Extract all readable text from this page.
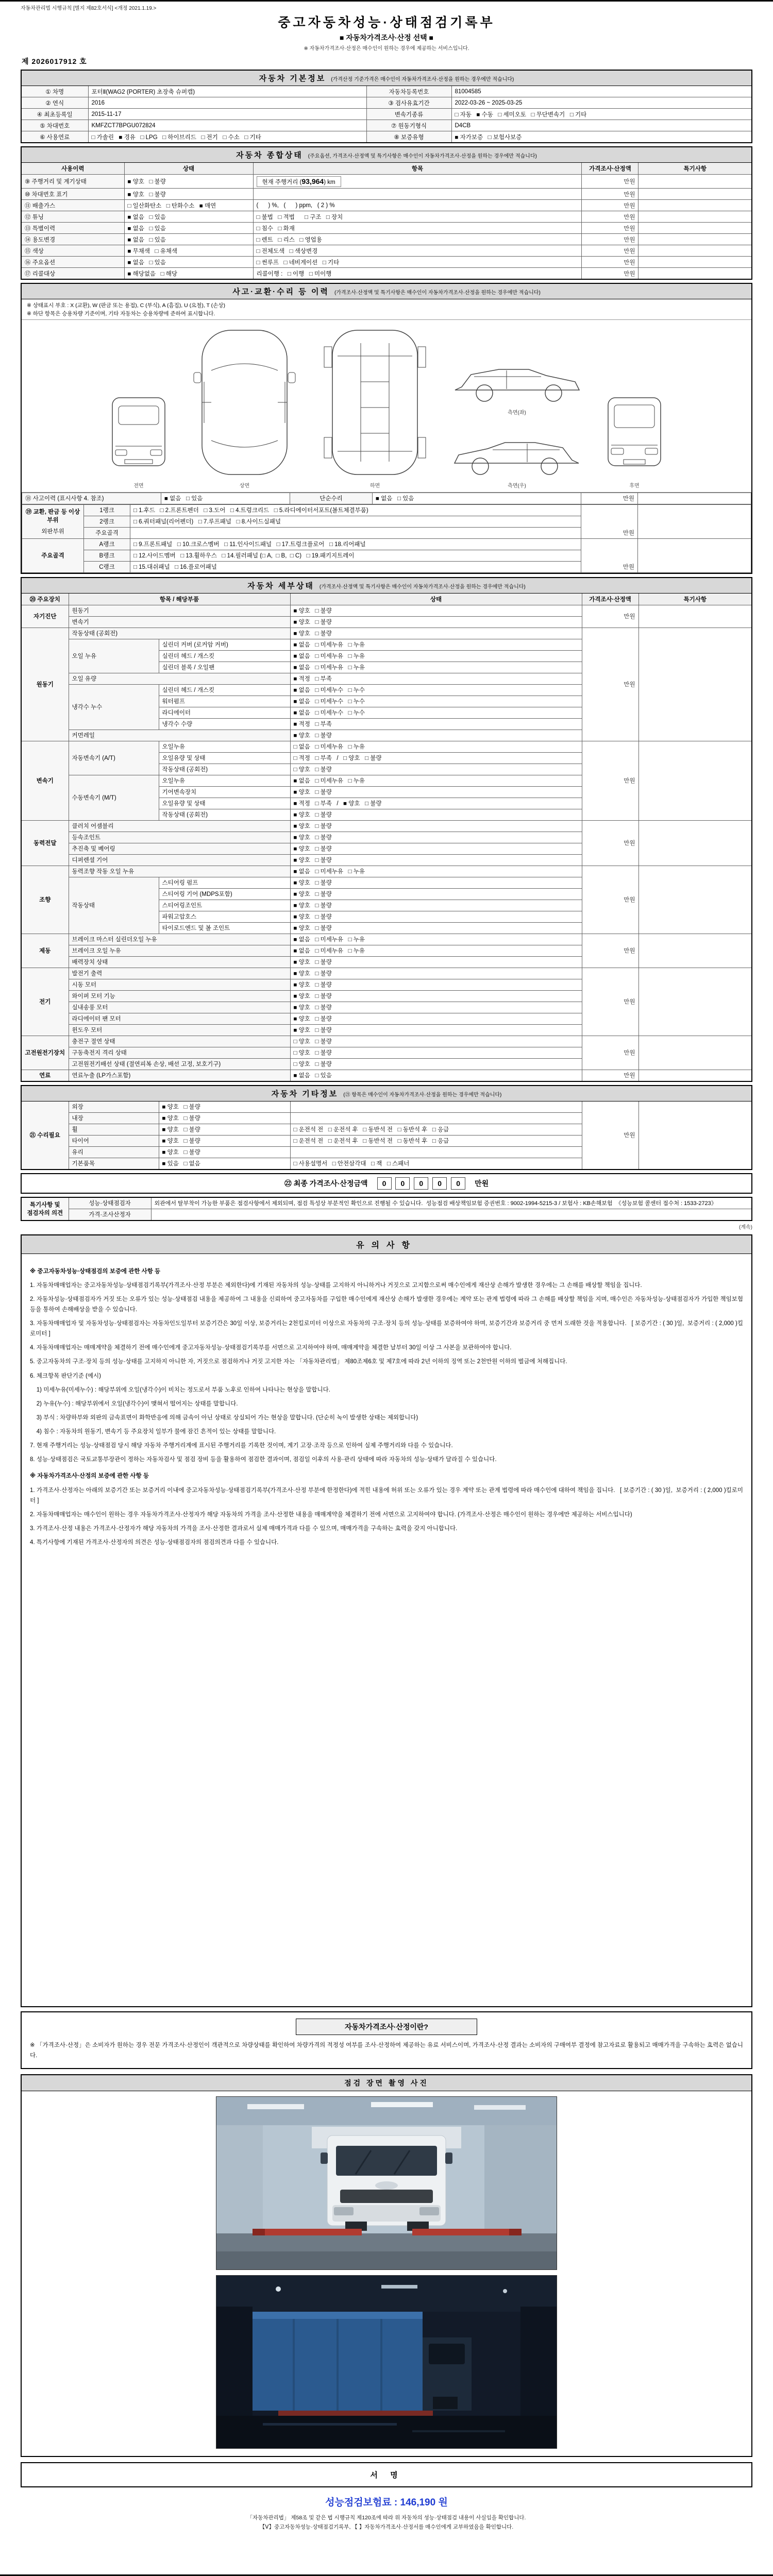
자동차관리법 시행규칙 [별지 제82호서식] <개정 2021.1.19.>
중고자동차성능·상태점검기록부
■ 자동차가격조사·산정 선택 ■
※ 자동차가격조사·산정은 매수인이 원하는 경우에 제공하는 서비스입니다.
제 2026017912 호
자동차 기본정보 (가격산정 기준가격은 매수인이 자동차가격조사·산정을 원하는 경우에만 적습니다)			
① 차명	포터Ⅱ(WAG2 (PORTER) 초장축 슈퍼캡)	자동차등록번호	81004585
② 연식	2016	③ 검사유효기간	2022-03-26 ~ 2025-03-25
④ 최초등록일	2015-11-17	변속기종류	□ 자동   ■ 수동   □ 세미오토   □ 무단변속기   □ 기타
⑤ 차대번호	KMFZCT7BPGU072824	⑦ 원동기형식	D4CB
⑥ 사용연료	□ 가솔린   ■ 경유   □ LPG   □ 하이브리드   □ 전기   □ 수소   □ 기타	⑧ 보증유형	■ 자가보증   □ 보험사보증
자동차 종합상태 (주요옵션, 가격조사·산정액 및 특기사항은 매수인이 자동차가격조사·산정을 원하는 경우에만 적습니다)				
사용이력	상태	항목	가격조사·산정액	특기사항
⑨ 주행거리 및 계기상태	■ 양호   □ 불량	현재 주행거리 (93,964) km	만원	
⑩ 차대번호 표기	■ 양호   □ 불량		만원	
⑪ 배출가스	□ 일산화탄소   □ 탄화수소   ■ 매연	(      ) %,   (      ) ppm,   ( 2 ) %	만원	
⑫ 튜닝	■ 없음   □ 있음	□ 불법   □ 적법      □ 구조   □ 장치	만원	
⑬ 특별이력	■ 없음   □ 있음	□ 침수   □ 화재	만원	
⑭ 용도변경	■ 없음   □ 있음	□ 렌트   □ 리스   □ 영업용	만원	
⑮ 색상	■ 무채색   □ 유채색	□ 전체도색   □ 색상변경	만원	
⑯ 주요옵션	■ 없음   □ 있음	□ 썬루프   □ 네비게이션   □ 기타	만원	
⑰ 리콜대상	■ 해당없음   □ 해당	리콜이행 :   □ 이행   □ 미이행	만원	
사고·교환·수리 등 이력 (가격조사·산정액 및 특기사항은 매수인이 자동차가격조사·산정을 원하는 경우에만 적습니다)
※ 상태표시 부호 : X (교환), W (판금 또는 용접), C (부식), A (흠집), U (요철), T (손상)
※ 하단 항목은 승용차량 기준이며, 기타 자동차는 승용차량에 준하여 표시합니다.
전면	상면	하면
측면(좌)
측면(우)	후면
⑱ 사고이력 (표시사항 4. 참조)	■ 없음   □ 있음	단순수리	■ 없음   □ 있음	만원	
⑲ 교환, 판금 등 이상 부위
외판부위	1랭크	□ 1.후드   □ 2.프론트펜더   □ 3.도어   □ 4.트렁크리드   □ 5.라디에이터서포트(볼트체결부품)	만원	
	2랭크	□ 6.쿼터패널(리어펜더)   □ 7.루프패널   □ 8.사이드실패널		
	주요골격			
주요골격	A랭크	□ 9.프론트패널   □ 10.크로스멤버   □ 11.인사이드패널   □ 17.트렁크플로어   □ 18.리어패널	만원	
	B랭크	□ 12.사이드멤버   □ 13.휠하우스   □ 14.필러패널 (□ A,  □ B,  □ C)   □ 19.패키지트레이		
	C랭크	□ 15.대쉬패널   □ 16.플로어패널		
자동차 세부상태 (가격조사·산정액 및 특기사항은 매수인이 자동차가격조사·산정을 원하는 경우에만 적습니다)					
⑳ 주요장치	항목 / 해당부품		상태	가격조사·산정액	특기사항
자기진단	원동기		■ 양호   □ 불량	만원	
	변속기		■ 양호   □ 불량		
원동기	작동상태 (공회전)		■ 양호   □ 불량	만원	
	오일 누유	실린더 커버 (로커암 커버)	■ 없음   □ 미세누유   □ 누유		
		실린더 헤드 / 개스킷	■ 없음   □ 미세누유   □ 누유		
		실린더 블록 / 오일팬	■ 없음   □ 미세누유   □ 누유		
	오일 유량		■ 적정   □ 부족		
	냉각수 누수	실린더 헤드 / 개스킷	■ 없음   □ 미세누수   □ 누수		
		워터펌프	■ 없음   □ 미세누수   □ 누수		
		라디에이터	■ 없음   □ 미세누수   □ 누수		
		냉각수 수량	■ 적정   □ 부족		
	커먼레일		■ 양호   □ 불량		
변속기	자동변속기 (A/T)	오일누유	□ 없음   □ 미세누유   □ 누유	만원	
		오일유량 및 상태	□ 적정   □ 부족   /   □ 양호   □ 불량		
		작동상태 (공회전)	□ 양호   □ 불량		
	수동변속기 (M/T)	오일누유	■ 없음   □ 미세누유   □ 누유		
		기어변속장치	■ 양호   □ 불량		
		오일유량 및 상태	■ 적정   □ 부족   /   ■ 양호   □ 불량		
		작동상태 (공회전)	■ 양호   □ 불량		
동력전달	클러치 어셈블리		■ 양호   □ 불량	만원	
	등속조인트		■ 양호   □ 불량		
	추진축 및 베어링		■ 양호   □ 불량		
	디퍼렌셜 기어		■ 양호   □ 불량		
조향	동력조향 작동 오일 누유		■ 없음   □ 미세누유   □ 누유	만원	
	작동상태	스티어링 펌프	■ 양호   □ 불량		
		스티어링 기어 (MDPS포함)	■ 양호   □ 불량		
		스티어링조인트	■ 양호   □ 불량		
		파워고압호스	■ 양호   □ 불량		
		타이로드엔드 및 볼 조인트	■ 양호   □ 불량		
제동	브레이크 마스터 실린더오일 누유		■ 없음   □ 미세누유   □ 누유	만원	
	브레이크 오일 누유		■ 없음   □ 미세누유   □ 누유		
	배력장치 상태		■ 양호   □ 불량		
전기	발전기 출력		■ 양호   □ 불량	만원	
	시동 모터		■ 양호   □ 불량		
	와이퍼 모터 기능		■ 양호   □ 불량		
	실내송풍 모터		■ 양호   □ 불량		
	라디에이터 팬 모터		■ 양호   □ 불량		
	윈도우 모터		■ 양호   □ 불량		
고전원전기장치	충전구 절연 상태		□ 양호   □ 불량	만원	
	구동축전지 격리 상태		□ 양호   □ 불량		
	고전원전기배선 상태 (절연피복 손상, 배선 고정, 보호기구)		□ 양호   □ 불량		
연료	연료누출 (LP가스포함)		■ 없음   □ 있음	만원	
자동차 기타정보 (㉑ 항목은 매수인이 자동차가격조사·산정을 원하는 경우에만 적습니다)					
㉑ 수리필요	외장	■ 양호   □ 불량		만원	
	내장	■ 양호   □ 불량			
	휠	■ 양호   □ 불량	□ 운전석 전   □ 운전석 후   □ 동반석 전   □ 동반석 후   □ 응급		
	타이어	■ 양호   □ 불량	□ 운전석 전   □ 운전석 후   □ 동반석 전   □ 동반석 후   □ 응급		
	유리	■ 양호   □ 불량			
	기본품목	■ 있음   □ 없음	□ 사용설명서   □ 안전삼각대   □ 잭   □ 스패너		
㉒ 최종 가격조사·산정금액	0 0 0 0 0	만원
특기사항 및 점검자의 의견	성능·상태점검자	외관에서 탈부착이 가능한 부품은 점검사항에서 제외되며, 점검 특성상 부분적인 확인으로 진행될 수 있습니다.  성능점검 배상책임보험 증권번호 : 9002-1994-5215-3 / 보험사 : KB손해보험  《성능보험 콜센터 접수처 : 1533-2723》
	가격·조사산정자	
(계속)
유의사항
※ 중고자동차성능·상태점검의 보증에 관한 사항 등

1. 자동차매매업자는 중고자동차성능·상태점검기록부(가격조사·산정 부분은 제외한다)에 기재된 자동차의 성능·상태를 고지하지 아니하거나 거짓으로 고지함으로써 매수인에게 재산상 손해가 발생한 경우에는 그 손해를 배상할 책임을 집니다.

2. 자동차성능·상태점검자가 거짓 또는 오류가 있는 성능·상태점검 내용을 제공하여 그 내용을 신뢰하여 중고자동차를 구입한 매수인에게 재산상 손해가 발생한 경우에는 계약 또는 관계 법령에 따라 그 손해를 배상할 책임을 지며, 매수인은 자동차성능·상태점검자가 가입한 책임보험 등을 통하여 손해배상을 받을 수 있습니다.

3. 자동차매매업자 및 자동차성능·상태점검자는 자동차인도일부터 보증기간은 30일 이상, 보증거리는 2천킬로미터 이상으로 자동차의 구조·장치 등의 성능·상태를 보증하여야 하며, 보증기간과 보증거리 중 먼저 도래한 것을 적용합니다.   [ 보증기간 : ( 30 )일,  보증거리 : ( 2,000 )킬로미터 ]

4. 자동차매매업자는 매매계약을 체결하기 전에 매수인에게 중고자동차성능·상태점검기록부를 서면으로 고지하여야 하며, 매매계약을 체결한 날부터 30일 이상 그 사본을 보관하여야 합니다.

5. 중고자동차의 구조·장치 등의 성능·상태를 고지하지 아니한 자, 거짓으로 점검하거나 거짓 고지한 자는 「자동차관리법」 제80조제6호 및 제7호에 따라 2년 이하의 징역 또는 2천만원 이하의 벌금에 처해집니다.

6. 체크항목 판단기준 (예시)

1) 미세누유(미세누수) : 해당부위에 오일(냉각수)이 비치는 정도로서 부품 노후로 인하여 나타나는 현상을 말합니다.

2) 누유(누수) : 해당부위에서 오일(냉각수)이 맺혀서 떨어지는 상태를 말합니다.

3) 부식 : 차량하부와 외판의 금속표면이 화학반응에 의해 금속이 아닌 상태로 상실되어 가는 현상을 말합니다. (단순히 녹이 발생한 상태는 제외합니다)

4) 침수 : 자동차의 원동기, 변속기 등 주요장치 일부가 물에 잠긴 흔적이 있는 상태를 말합니다.

7. 현재 주행거리는 성능·상태점검 당시 해당 자동차 주행거리계에 표시된 주행거리를 기록한 것이며, 계기 고장·조작 등으로 인하여 실제 주행거리와 다를 수 있습니다.

8. 성능·상태점검은 국토교통부장관이 정하는 자동차검사 및 점검 장비 등을 활용하여 점검한 결과이며, 점검일 이후의 사용·관리 상태에 따라 자동차의 성능·상태가 달라질 수 있습니다.

※ 자동차가격조사·산정의 보증에 관한 사항 등

1. 가격조사·산정자는 아래의 보증기간 또는 보증거리 이내에 중고자동차성능·상태점검기록부(가격조사·산정 부분에 한정한다)에 적힌 내용에 허위 또는 오류가 있는 경우 계약 또는 관계 법령에 따라 매수인에 대하여 책임을 집니다.   [ 보증기간 : ( 30 )일,  보증거리 : ( 2,000 )킬로미터 ]

2. 자동차매매업자는 매수인이 원하는 경우 자동차가격조사·산정자가 해당 자동차의 가격을 조사·산정한 내용을 매매계약을 체결하기 전에 서면으로 고지하여야 합니다. (가격조사·산정은 매수인이 원하는 경우에만 제공하는 서비스입니다)

3. 가격조사·산정 내용은 가격조사·산정자가 해당 자동차의 가격을 조사·산정한 결과로서 실제 매매가격과 다를 수 있으며, 매매가격을 구속하는 효력을 갖지 아니합니다.

4. 특기사항에 기재된 가격조사·산정자의 의견은 성능·상태점검자의 점검의견과 다를 수 있습니다.

자동차가격조사·산정이란?
※ 「가격조사·산정」은 소비자가 원하는 경우 전문 가격조사·산정인이 객관적으로 차량상태를 확인하여 차량가격의 적정성 여부를 조사·산정하여 제공하는 유료 서비스이며, 가격조사·산정 결과는 소비자의 구매여부 결정에 참고자료로 활용되고 매매가격을 구속하는 효력은 없습니다.
점검 장면 촬영 사진
서 명
성능점검보험료 : 146,190 원
「자동차관리법」 제58조 및 같은 법 시행규칙 제120조에 따라 위 자동차의 성능·상태점검 내용이 사실임을 확인합니다.
【Ⅴ】중고자동차성능·상태점검기록부, 【 】자동차가격조사·산정서를 매수인에게 교부하였음을 확인합니다.
